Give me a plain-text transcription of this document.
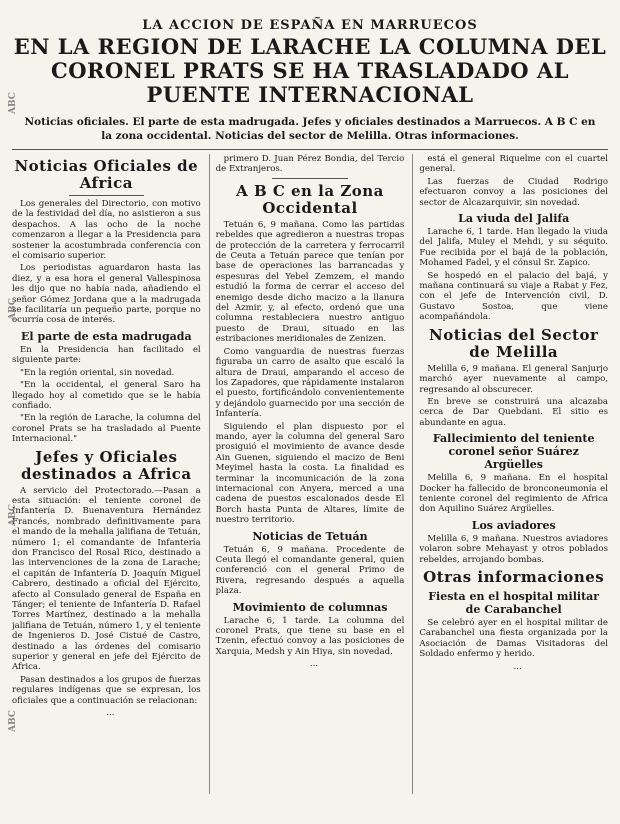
ABC
ABC
ABC
ABC
LA ACCION DE ESPAÑA EN MARRUECOS
EN LA REGION DE LARACHE LA COLUMNA DEL CORONEL PRATS SE HA TRASLADADO AL PUENTE INTERNACIONAL
Noticias oficiales. El parte de esta madrugada. Jefes y oficiales destinados a Marruecos. A B C en la zona occidental. Noticias del sector de Melilla. Otras informaciones.
Noticias Oficiales de Africa

Los generales del Directorio, con motivo de la festividad del día, no asistieron a sus despachos. A las ocho de la noche comenzaron a llegar a la Presidencia para sostener la acostumbrada conferencia con el comisario superior.

Los periodistas aguardaron hasta las diez, y a esa hora el general Vallespinosa les dijo que no había nada, añadiendo el señor Gómez Jordana que a la madrugada se facilitaría un pequeño parte, porque no ocurría cosa de interés.

El parte de esta madrugada

En la Presidencia han facilitado el siguiente parte:

"En la región oriental, sin novedad.

"En la occidental, el general Saro ha llegado hoy al cometido que se le había confiado.

"En la región de Larache, la columna del coronel Prats se ha trasladado al Puente Internacional."

Jefes y Oficiales destinados a Africa

A servicio del Protectorado.—Pasan a esta situación: el teniente coronel de Infantería D. Buenaventura Hernández Francés, nombrado definitivamente para el mando de la mehalla jalifiana de Tetuán, número 1; el comandante de Infantería don Francisco del Rosal Rico, destinado a las intervenciones de la zona de Larache; el capitán de Infantería D. Joaquín Miguel Cabrero, destinado a oficial del Ejército, afecto al Consulado general de España en Tánger; el teniente de Infantería D. Rafael Torres Martínez, destinado a la mehalla jalifiana de Tetuán, número 1, y el teniente de Ingenieros D. José Cistué de Castro, destinado a las órdenes del comisario superior y general en jefe del Ejército de Africa.

Pasan destinados a los grupos de fuerzas regulares indígenas que se expresan, los oficiales que a continuación se relacionan:

...

primero D. Juan Pérez Bondia, del Tercio de Extranjeros.

A B C en la Zona Occidental

Tetuán 6, 9 mañana. Como las partidas rebeldes que agredieron a nuestras tropas de protección de la carretera y ferrocarril de Ceuta a Tetuán parece que tenían por base de operaciones las barrancadas y espesuras del Yebel Zemzem, el mando estudió la forma de cerrar el acceso del enemigo desde dicho macizo a la llanura del Azmir, y, al efecto, ordenó que una columna restableciera nuestro antiguo puesto de Draui, situado en las estribaciones meridionales de Zenizen.

Como vanguardia de nuestras fuerzas figuraba un carro de asalto que escaló la altura de Draui, amparando el acceso de los Zapadores, que rápidamente instalaron el puesto, fortificándolo convenientemente y dejándolo guarnecido por una sección de Infantería.

Siguiendo el plan dispuesto por el mando, ayer la columna del general Saro prosiguió el movimiento de avance desde Ain Guenen, siguiendo el macizo de Beni Meyimel hasta la costa. La finalidad es terminar la incomunicación de la zona internacional con Anyera, merced a una cadena de puestos escalonados desde El Borch hasta Punta de Altares, límite de nuestro territorio.

Noticias de Tetuán

Tetuán 6, 9 mañana. Procedente de Ceuta llegó el comandante general, quien conferenció con el general Primo de Rivera, regresando después a aquella plaza.

Movimiento de columnas

Larache 6, 1 tarde. La columna del coronel Prats, que tiene su base en el Tzenin, efectuó convoy a las posiciones de Xarquia, Medsh y Ain Hiya, sin novedad.

...

está el general Riquelme con el cuartel general.

Las fuerzas de Ciudad Rodrigo efectuaron convoy a las posiciones del sector de Alcazarquivir, sin novedad.

La viuda del Jalifa

Larache 6, 1 tarde. Han llegado la viuda del Jalifa, Muley el Mehdi, y su séquito. Fue recibida por el bajá de la población, Mohamed Fadel, y el cónsul Sr. Zapico.

Se hospedó en el palacio del bajá, y mañana continuará su viaje a Rabat y Fez, con el jefe de Intervención civil, D. Gustavo Sostoa, que viene acompañándola.

Noticias del Sector de Melilla

Melilla 6, 9 mañana. El general Sanjurjo marchó ayer nuevamente al campo, regresando al obscurecer.

En breve se construirá una alcazaba cerca de Dar Quebdani. El sitio es abundante en agua.

Fallecimiento del teniente coronel señor Suárez Argüelles

Melilla 6, 9 mañana. En el hospital Docker ha fallecido de bronconeumonía el teniente coronel del regimiento de Africa don Aquilino Suárez Argüelles.

Los aviadores

Melilla 6, 9 mañana. Nuestros aviadores volaron sobre Mehayast y otros poblados rebeldes, arrojando bombas.

Otras informaciones
Fiesta en el hospital militar de Carabanchel

Se celebró ayer en el hospital militar de Carabanchel una fiesta organizada por la Asociación de Damas Visitadoras del Soldado enfermo y herido.

...
